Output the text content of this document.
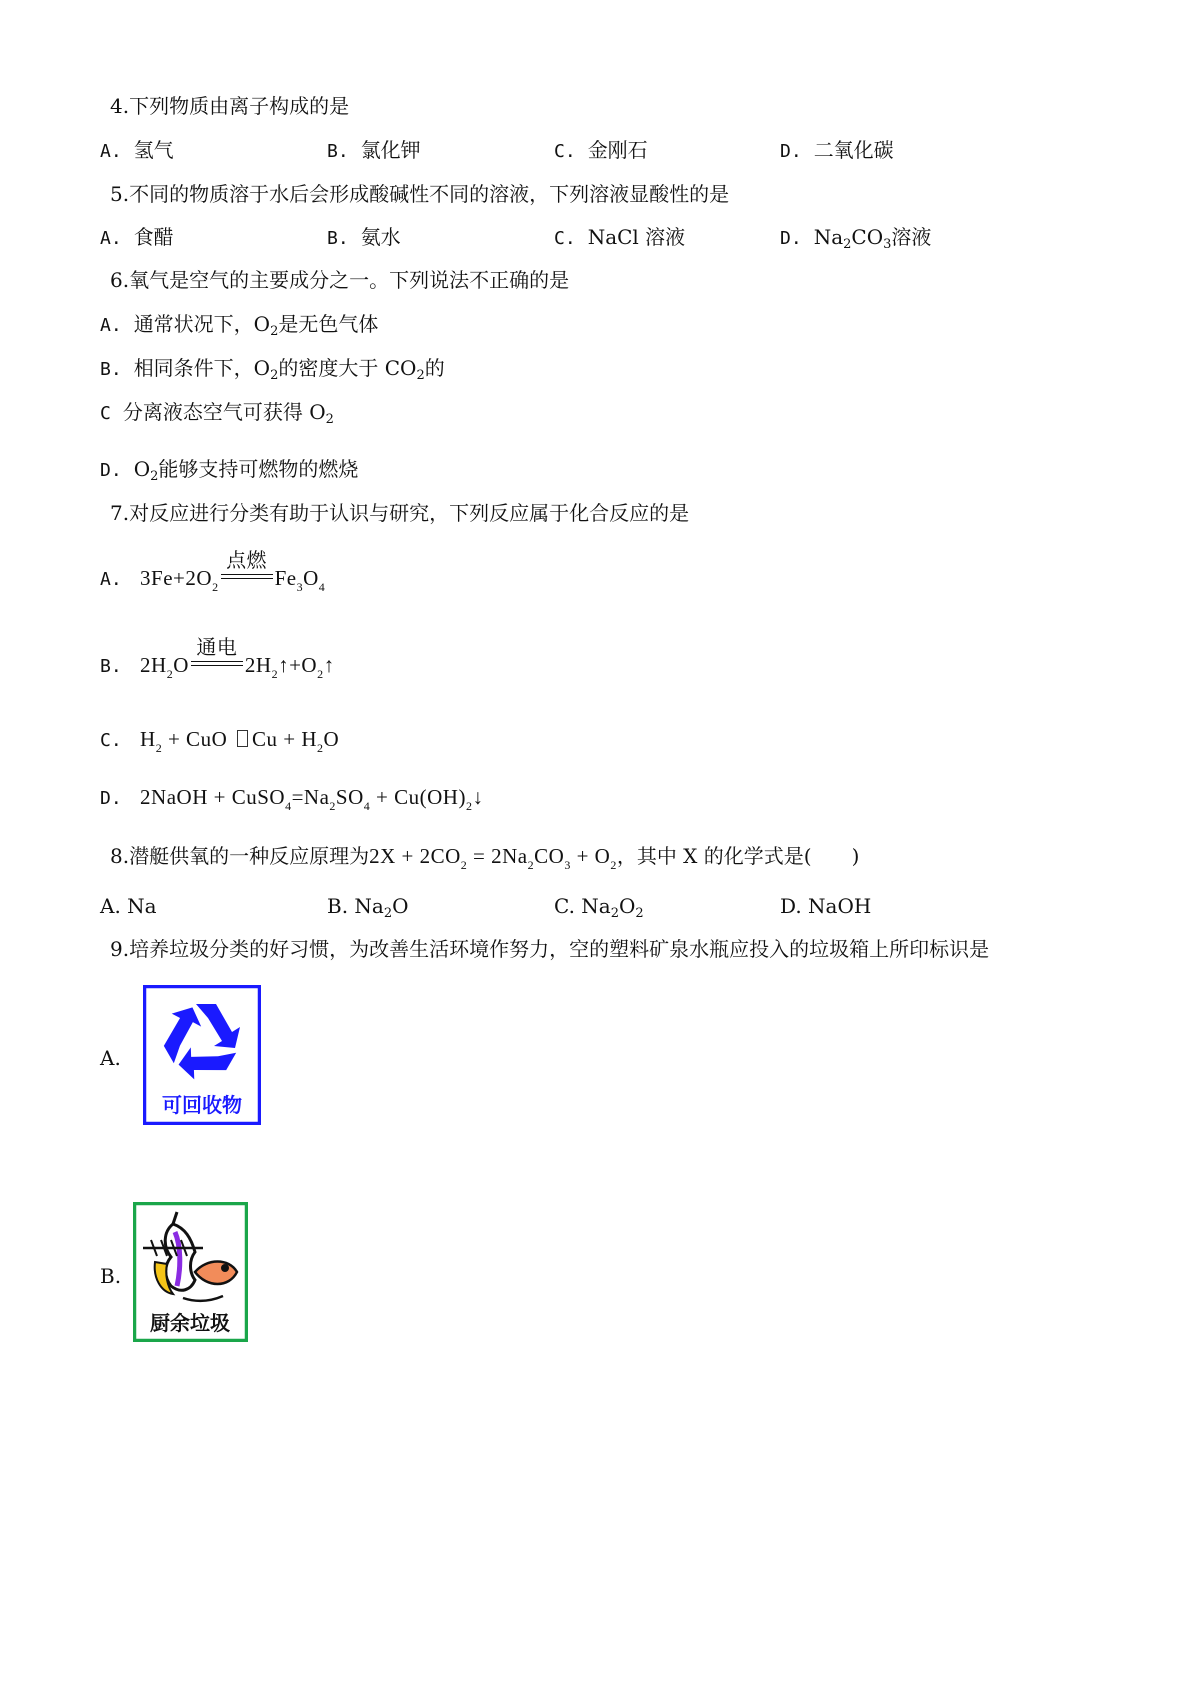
4.下列物质由离子构成的是
A. 氢气	B. 氯化钾	C. 金刚石	D. 二氧化碳
5.不同的物质溶于水后会形成酸碱性不同的溶液，下列溶液显酸性的是
A. 食醋	B. 氨水	C. NaCl 溶液	D. $Na_2CO_3$溶液
6.氧气是空气的主要成分之一。下列说法不正确的是
A. 通常状况下，$O_2$是无色气体
B. 相同条件下，$O_2$的密度大于 $CO_2$的
C 分离液态空气可获得 $O_2$
D. $O_2$能够支持可燃物的燃烧
7.对反应进行分类有助于认识与研究，下列反应属于化合反应的是
A. $3Fe+2O_2$
点燃
$Fe_3O_4$
B. $2H_2O$
通电
$2H_2↑+O_2↑$
C. $H_2$ + CuO $Cu + H_2O$
D. 2NaOH + $CuSO_4=Na_2SO_4$ + $Cu(OH)_2↓$
8.潜艇供氧的一种反应原理为$2X + 2CO_2 = 2Na_2CO_3 + O_2$，其中 X 的化学式是(　　)
A. Na	B. $Na_2O$	C. $Na_2O_2$	D. NaOH
9.培养垃圾分类的好习惯，为改善生活环境作努力，空的塑料矿泉水瓶应投入的垃圾箱上所印标识是
A.
可回收物
B.
厨余垃圾
